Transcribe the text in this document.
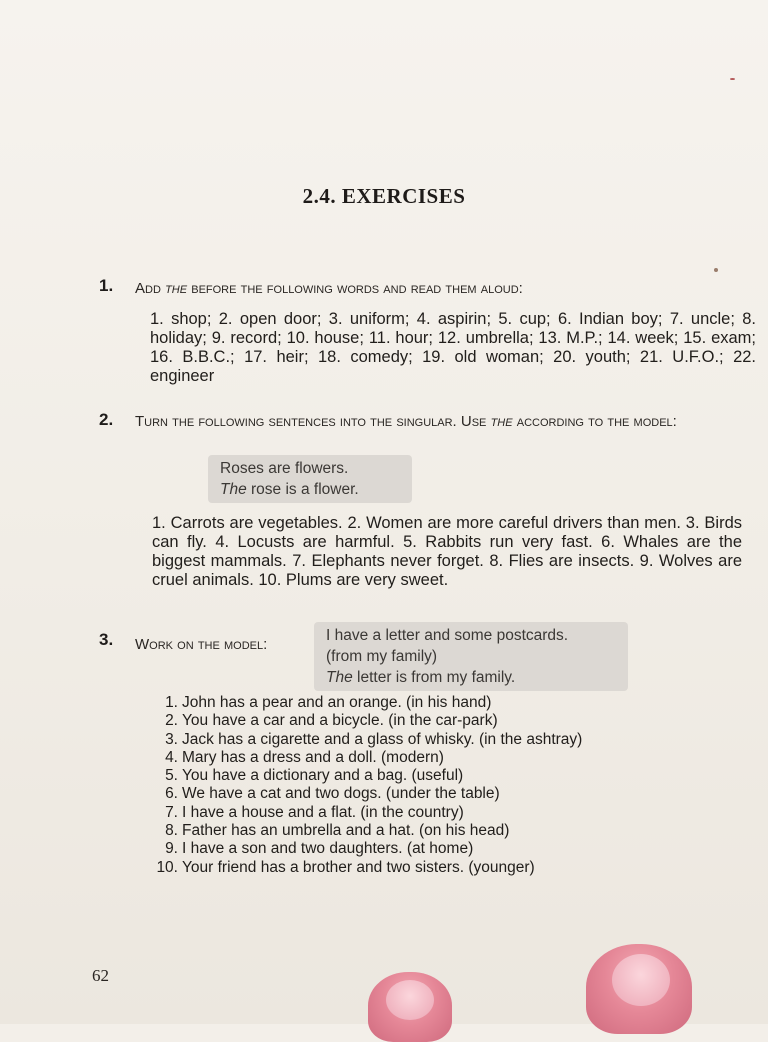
2.4. EXERCISES
1. Add the before the following words and read them aloud:
1. shop; 2. open door; 3. uniform; 4. aspirin; 5. cup; 6. Indian boy; 7. uncle; 8. holiday; 9. record; 10. house; 11. hour; 12. umbrella; 13. M.P.; 14. week; 15. exam; 16. B.B.C.; 17. heir; 18. comedy; 19. old woman; 20. youth; 21. U.F.O.; 22. engineer
2. Turn the following sentences into the singular. Use the according to the model:
Roses are flowers.
The rose is a flower.
1. Carrots are vegetables. 2. Women are more careful drivers than men. 3. Birds can fly. 4. Locusts are harmful. 5. Rabbits run very fast. 6. Whales are the biggest mammals. 7. Elephants never forget. 8. Flies are insects. 9. Wolves are cruel animals. 10. Plums are very sweet.
3. Work on the model:
I have a letter and some postcards.
(from my family)
The letter is from my family.
1. John has a pear and an orange. (in his hand)
2. You have a car and a bicycle. (in the car-park)
3. Jack has a cigarette and a glass of whisky. (in the ashtray)
4. Mary has a dress and a doll. (modern)
5. You have a dictionary and a bag. (useful)
6. We have a cat and two dogs. (under the table)
7. I have a house and a flat. (in the country)
8. Father has an umbrella and a hat. (on his head)
9. I have a son and two daughters. (at home)
10. Your friend has a brother and two sisters. (younger)
62
